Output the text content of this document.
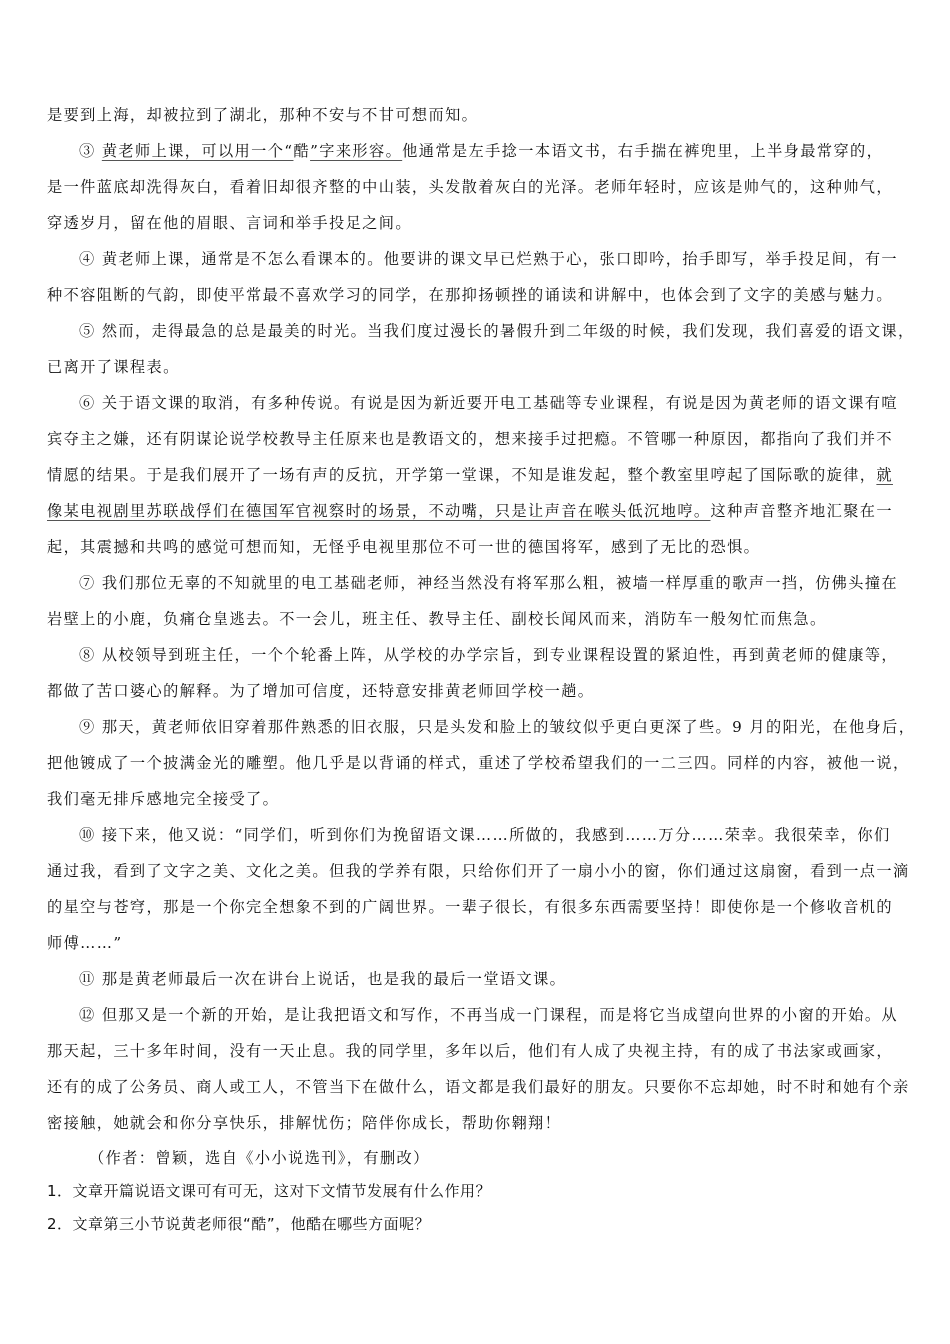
是要到上海，却被拉到了湖北，那种不安与不甘可想而知。
③ 黄老师上课，可以用一个“酷”字来形容。他通常是左手捻一本语文书，右手揣在裤兜里，上半身最常穿的，
是一件蓝底却洗得灰白，看着旧却很齐整的中山装，头发散着灰白的光泽。老师年轻时，应该是帅气的，这种帅气，
穿透岁月，留在他的眉眼、言词和举手投足之间。
④ 黄老师上课，通常是不怎么看课本的。他要讲的课文早已烂熟于心，张口即吟，抬手即写，举手投足间，有一
种不容阻断的气韵，即使平常最不喜欢学习的同学，在那抑扬顿挫的诵读和讲解中，也体会到了文字的美感与魅力。
⑤ 然而，走得最急的总是最美的时光。当我们度过漫长的暑假升到二年级的时候，我们发现，我们喜爱的语文课，
已离开了课程表。
⑥ 关于语文课的取消，有多种传说。有说是因为新近要开电工基础等专业课程，有说是因为黄老师的语文课有喧
宾夺主之嫌，还有阴谋论说学校教导主任原来也是教语文的，想来接手过把瘾。不管哪一种原因，都指向了我们并不
情愿的结果。于是我们展开了一场有声的反抗，开学第一堂课，不知是谁发起，整个教室里哼起了国际歌的旋律，就
像某电视剧里苏联战俘们在德国军官视察时的场景，不动嘴，只是让声音在喉头低沉地哼。这种声音整齐地汇聚在一
起，其震撼和共鸣的感觉可想而知，无怪乎电视里那位不可一世的德国将军，感到了无比的恐惧。
⑦ 我们那位无辜的不知就里的电工基础老师，神经当然没有将军那么粗，被墙一样厚重的歌声一挡，仿佛头撞在
岩壁上的小鹿，负痛仓皇逃去。不一会儿，班主任、教导主任、副校长闻风而来，消防车一般匆忙而焦急。
⑧ 从校领导到班主任，一个个轮番上阵，从学校的办学宗旨，到专业课程设置的紧迫性，再到黄老师的健康等，
都做了苦口婆心的解释。为了增加可信度，还特意安排黄老师回学校一趟。
⑨ 那天，黄老师依旧穿着那件熟悉的旧衣服，只是头发和脸上的皱纹似乎更白更深了些。9 月的阳光，在他身后，
把他镀成了一个披满金光的雕塑。他几乎是以背诵的样式，重述了学校希望我们的一二三四。同样的内容，被他一说，
我们毫无排斥感地完全接受了。
⑩ 接下来，他又说：“同学们，听到你们为挽留语文课……所做的，我感到……万分……荣幸。我很荣幸，你们
通过我，看到了文字之美、文化之美。但我的学养有限，只给你们开了一扇小小的窗，你们通过这扇窗，看到一点一滴
的星空与苍穹，那是一个你完全想象不到的广阔世界。一辈子很长，有很多东西需要坚持！即使你是一个修收音机的
师傅……”
⑪ 那是黄老师最后一次在讲台上说话，也是我的最后一堂语文课。
⑫ 但那又是一个新的开始，是让我把语文和写作，不再当成一门课程，而是将它当成望向世界的小窗的开始。从
那天起，三十多年时间，没有一天止息。我的同学里，多年以后，他们有人成了央视主持，有的成了书法家或画家，
还有的成了公务员、商人或工人，不管当下在做什么，语文都是我们最好的朋友。只要你不忘却她，时不时和她有个亲
密接触，她就会和你分享快乐，排解忧伤；陪伴你成长，帮助你翱翔！
（作者：曾颖，选自《小小说选刊》，有删改）
1．文章开篇说语文课可有可无，这对下文情节发展有什么作用？
2．文章第三小节说黄老师很“酷”，他酷在哪些方面呢？
